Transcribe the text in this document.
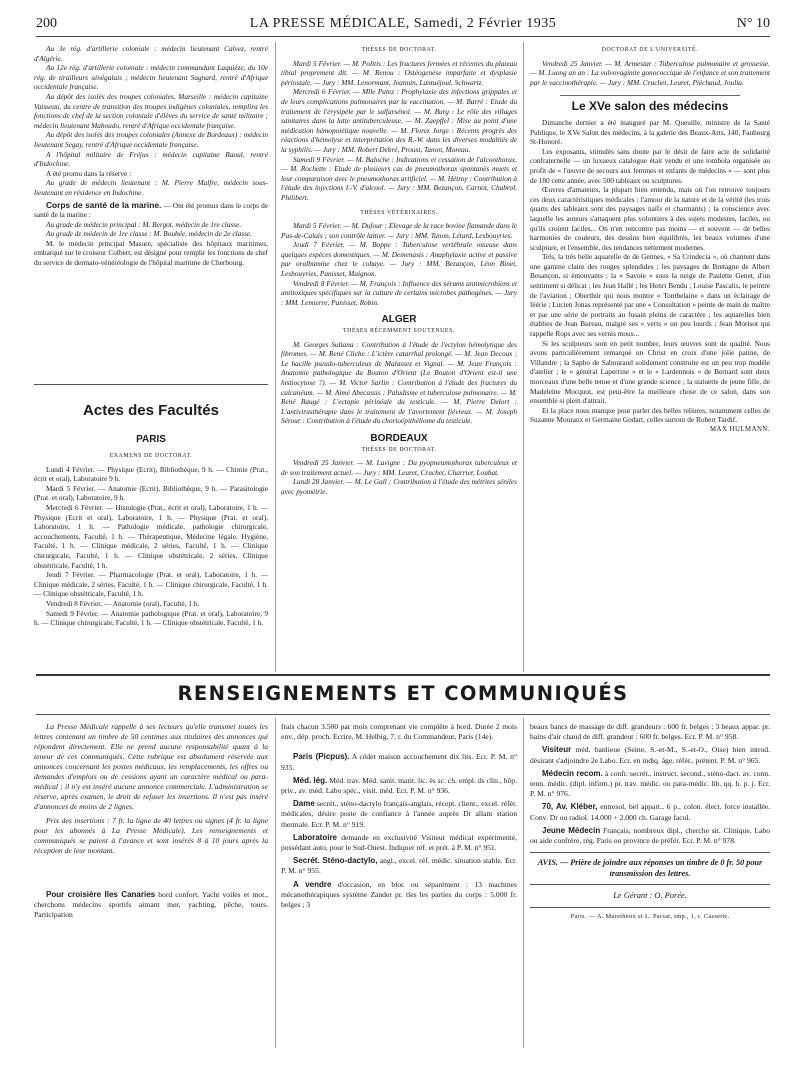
200	LA PRESSE MÉDICALE, Samedi, 2 Février 1935	N° 10

Au 3e rég. d'artillerie coloniale : médecin lieutenant Calvez, rentré d'Algérie.

Au 12e rég. d'artillerie coloniale : médecin commandant Laquièze, du 10e rég. de tirailleurs sénégalais ; médecin lieutenant Sagnard, rentré d'Afrique occidentale française.

Au dépôt des isolés des troupes coloniales, Marseille : médecin capitaine Vaisseau, du centre de transition des troupes indigènes coloniales, remplira les fonctions de chef de la section coloniale d'élèves du service de santé militaire ; médecin lieutenant Mahoudo, rentré d'Afrique occidentale française.

Au dépôt des isolés des troupes coloniales (Annexe de Bordeaux) : médecin lieutenant Segay, rentré d'Afrique occidentale française.

A l'hôpital militaire de Fréjus : médecin capitaine Raoul, rentré d'Indochine.

A été promu dans la réserve :

Au grade de médecin lieutenant : M. Pierre Malfre, médecin sous-lieutenant en résidence en Indochine.

Corps de santé de la marine. — Ont été promus dans le corps de santé de la marine :

Au grade de médecin principal : M. Bergot, médecin de 1re classe.

Au grade de médecin de 1re classe : M. Boubée, médecin de 2e classe.

M. le médecin principal Masure, spécialiste des hôpitaux maritimes, embarqué sur le croiseur Colbert, est désigné pour remplir les fonctions de chef du service de dermato-vénéréologie de l'hôpital maritime de Cherbourg.

Actes des Facultés
PARIS
EXAMENS DE DOCTORAT.

Lundi 4 Février. — Physique (Ecrit), Bibliothèque, 9 h. — Chimie (Prat., écrit et oral), Laboratoire 9 h.

Mardi 5 Février. — Anatomie (Ecrit), Bibliothèque, 9 h. — Parasitologie (Prat. et oral), Laboratoire, 9 h.

Mercredi 6 Février. — Histologie (Prat., écrit et oral), Laboratoire, 1 h. — Physique (Ecrit et oral), Laboratoire, 1 h. — Physique (Prat. et oral), Laboratoire, 1 h. — Pathologie médicale, pathologie chirurgicale, accouchements, Faculté, 1 h. — Thérapeutique, Médecine légale, Hygiène, Faculté, 1 h. — Clinique médicale, 2 séries, Faculté, 1 h. — Clinique chirurgicale, Faculté, 1 h. — Clinique obstétricale, 2 séries, Clinique obstétricale, Faculté, 1 h.

Jeudi 7 Février. — Pharmacologie (Prat. et oral), Laboratoire, 1 h. — Clinique médicale, 2 séries, Faculté, 1 h. — Clinique chirurgicale, Faculté, 1 h. — Clinique obstétricale, Faculté, 1 h.

Vendredi 8 Février. — Anatomie (oral), Faculté, 1 h.

Samedi 9 Février. — Anatomie pathologique (Prat. et oral), Laboratoire, 9 h. — Clinique chirurgicale, Faculté, 1 h. — Clinique obstétricale, Faculté, 1 h.

THÈSES DE DOCTORAT.

Mardi 5 Février. — M. Politis : Les fractures fermées et récentes du plateau tibial proprement dit. — M. Renou : Ostéogenèse imparfaite et dysplasie périostale. — Jury : MM. Lenormant, Jeannin, Lantuéjoul, Schwartz.

Mercredi 6 Février. — Mlle Patez : Prophylaxie des infections grippales et de leurs complications pulmonaires par la vaccination. — M. Barré : Etude du traitement de l'érysipèle par le sulfarsénol. — M. Burg : Le rôle des villages sanitaires dans la lutte antituberculeuse. — M. Zaepffel : Mise au point d'une médication hémopoiétique nouvelle. — M. Florez Jorge : Récents progrès des réactions d'hémolyse et interprétation des R.-W. dans les diverses modalités de la syphilis. — Jury : MM. Robert Debré, Proust, Tanon, Moreau.

Samedi 9 Février. — M. Baloche : Indications et cessation de l'alcoothorax. — M. Rochette : Etude de plusieurs cas de pneumothorax spontanés muets et leur comparaison avec le pneumothorax artificiel. — M. Hétroy : Contribution à l'étude des injections I.-V. d'alcool. — Jury : MM. Bezançon, Carnot, Chabrol, Philibert.

THÈSES VÉTÉRINAIRES.

Mardi 5 Février. — M. Dufour : Elevage de la race bovine flamande dans le Pas-de-Calais ; son contrôle laitier. — Jury : MM. Tanon, Létard, Lesbouyries.

Jeudi 7 Février. — M. Boppe : Tuberculose vertébrale osseuse dans quelques espèces domestiques. — M. Demenasis : Anaphylaxie active et passive par oralbumine chez le cobaye. — Jury : MM. Bezançon, Léon Binet, Lesbouyries, Panisset, Maignon.

Vendredi 8 Février. — M. François : Influence des sérums antimicrobiens et antitoxiques spécifiques sur la culture de certains microbes pathogènes. — Jury : MM. Lemierre, Panisset, Robin.

ALGER
THÈSES RÉCEMMENT SOUTENUES.

M. Georges Sultana : Contribution à l'étude de l'ectylon hémolytique des fibromes. — M. René Cliche : L'ictère catarrhal prolongé. — M. Jean Decoux : Le bacille pseudo-tuberculeux de Malassez et Vignal. — M. Jean François : Anatomie pathologique du Bouton d'Orient (Le Bouton d'Orient est-il une histiocytose ?). — M. Victor Sarlin : Contribution à l'étude des fractures du calcanéum. — M. Aimé Abecassis : Paludisme et tuberculose pulmonaire. — M. René Baugé : L'ectopie périnéale du testicule. — M. Pierre Delort : L'antivirusthérapie dans le traitement de l'avortement fiévreux. — M. Joseph Sérour : Contribution à l'étude du chorioépithéliome du testicule.

BORDEAUX
THÈSES DE DOCTORAT.

Vendredi 25 Janvier. — M. Lavigne : Du pyopneumothorax tuberculeux et de son traitement actuel. — Jury : MM. Leuret, Cruchet, Charrier, Loubat.

Lundi 28 Janvier. — M. Le Gall : Contribution à l'étude des métrites séniles avec pyométrie.

DOCTORAT DE L'UNIVERSITÉ.

Vendredi 25 Janvier. — M. Armestar : Tuberculose pulmonaire et grossesse. — M. Luong an an : La vulvovaginite gonococcique de l'enfance et son traitement par le vaccinothérapie. — Jury : MM. Cruchet, Leuret, Piéchaud, Joulia.

Le XVe salon des médecins

Dimanche dernier a été inauguré par M. Queuille, ministre de la Santé Publique, le XVe Salon des médecins, à la galerie des Beaux-Arts, 140, Faubourg St-Honoré.

Les exposants, stimulés sans doute par le désir de faire acte de solidarité confraternelle — un luxueux catalogue était vendu et une tombola organisée au profit de « l'œuvre de secours aux femmes et enfants de médecins » — sont plus de 180 cette année, avec 500 tableaux ou sculptures.

Œuvres d'amateurs, la plupart bien entendu, mais où l'on retrouve toujours ces deux caractéristiques médicales : l'amour de la nature et de la vérité (les trois quarts des tableaux sont des paysages naïfs et charmants) ; la conscience avec laquelle les auteurs s'attaquent plus volontiers à des sujets modestes, faciles, ou qu'ils croient faciles... On n'en rencontre pas moins — et souvent — de belles harmonies de couleurs, des dessins bien équilibrés, les beaux volumes d'une sculpture, et l'ensemble, des tendances nettement modernes.

Tels, la très belle aquarelle de de Gennes, « Sa Crindecia », où chantent dans une gamme claire des rouges splendides ; les paysages de Bretagne de Albert Besançon, si émouvants ; la « Savoie » sous la neige de Paulette Genet, d'un sentiment si délicat ; les Jean Hallé ; les Henri Bendu ; Louise Pascalis, le peintre de l'aviation ; Oberthür qui nous montre « Tombelaine » dans un éclairage de féérie ; Lucien Jonas représenté par une « Consultation » peinte de main de maître et par une série de portraits au fusain pleins de caractère ; les aquarelles bien établies de Jean Bureau, malgré ses « verts » un peu lourds ; Jean Morisot qui rappelle Rops avec ses vernis mous...

Si les sculpteurs sont en petit nombre, leurs œuvres sont de qualité. Nous avons particulièrement remarqué un Christ en croix d'une jolie patine, de Villandre ; la Sapho de Sabouraud solidement construite est un peu trop modèle d'atelier ; le « général Laperrine » et le « Lardennois » de Bernard sont deux morceaux d'une belle tenue et d'une grande science ; la statuette de jeune fille, de Madeleine Mocquot, est peut-être la meilleure chose de ce salon, dans son ensemble si plein d'attrait.

Et la place nous manque pour parler des belles reliures, notamment celles de Suzanne Mouraux et Germaine Godart, celles surtout de Robert Tardif.

MAX HULMANN.

RENSEIGNEMENTS ET COMMUNIQUÉS

La Presse Médicale rappelle à ses lecteurs qu'elle transmet toutes les lettres contenant un timbre de 50 centimes aux titulaires des annonces qui répondent directement. Elle ne prend aucune responsabilité quant à la teneur de ces communiqués. Cette rubrique est absolument réservée aux annonces concernant les postes médicaux, les remplacements, les offres ou demandes d'emplois ou de cessions ayant un caractère médical ou para-médical ; il n'y est inséré aucune annonce commerciale. L'administration se réserve, après examen, le droit de refuser les insertions. Il n'est pas inséré d'annonces de moins de 2 lignes.

Prix des insertions : 7 fr. la ligne de 40 lettres ou signes (4 fr. la ligne pour les abonnés à La Presse Médicale). Les renseignements et communiqués se paient à l'avance et sont insérés 8 à 10 jours après la réception de leur montant.

Pour croisière Iles Canaries bord confort. Yacht voiles et mot., cherchons médecins sportifs aimant mer, yachting, pêche, tours. Participation

frais chacun 3.500 par mois comprenant vie complète à bord. Durée 2 mois env., dép. proch. Ecrire, M. Helbig, 7, r. du Commandeur, Paris (14e).

Paris (Picpus). A céder maison accouchement dix lits. Ecr. P. M. n° 935.

Méd. lég. Méd. trav. Méd. sanit. marit. lic. ès sc. ch. empl. ds clin., hôp. priv., av. méd. Labo spéc., visit. méd. Ecr. P. M. n° 936.

Dame secrét., sténo-dactylo français-anglais, récept. client., excel. référ. médicales, désire poste de confiance à l'année auprès Dr allant station thermale. Ecr. P. M. n° 919.

Laboratoire demande en exclusivité Visiteur médical expérimenté, possédant auto, pour le Sud-Ouest. Indiquer réf. et prét. à P. M. n° 951.

Secrét. Sténo-dactylo, angl., excel. réf. médic. situation stable. Ecr. P. M. n° 955.

A vendre d'occasion, en bloc ou séparément : 13 machines mécanothérapiques système Zander pr. tles les parties du corps : 5.000 fr. belges ; 3

beaux bancs de massage de diff. grandeurs : 600 fr. belges ; 3 beaux appar. pr. bains d'air chaud de diff. grandeur : 600 fr. belges. Ecr. P. M. n° 958.

Visiteur méd. banlieue (Seine, S.-et-M., S.-et-O., Oise) bien introd. désirant s'adjoindre 2e Labo. Ecr. en indiq. âge, référ., prétent. P. M. n° 965.

Médecin recom. à confr. secrét., instruct. second., sténo-dact. av. conn. tenn. médic. (dipl. infirm.) pr. trav. médic. ou para-médic. lib. qq. h. p. j. Ecr. P. M. n° 976.

70, Av. Kléber, entresol, bel appart., 6 p., colon. élect. force installée. Conv. Dr ou radiol. 14.000 + 2.000 ch. Garage facul.

Jeune Médecin Français, nombreux dipl., cherche sit. Clinique, Labo ou aide confrère, rég. Paris ou province de préfér. Ecr. P. M. n° 978.

AVIS. — Prière de joindre aux réponses un timbre de 0 fr. 50 pour transmission des lettres.

Le Gérant : O. Porée.

Paris. — A. Maretheux et L. Pactat, imp., 1, r. Cassette.
